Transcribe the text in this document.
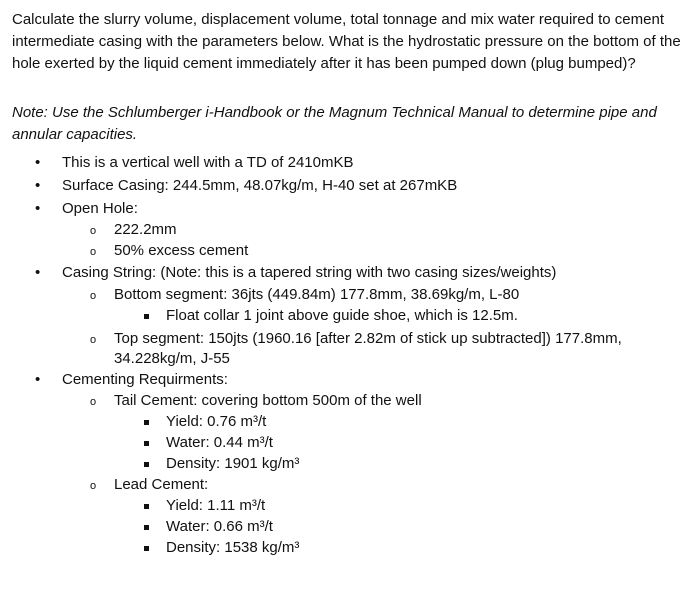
Calculate the slurry volume, displacement volume, total tonnage and mix water required to cement intermediate casing with the parameters below. What is the hydrostatic pressure on the bottom of the hole exerted by the liquid cement immediately after it has been pumped down (plug bumped)?

Note: Use the Schlumberger i-Handbook or the Magnum Technical Manual to determine pipe and annular capacities.

• This is a vertical well with a TD of 2410mKB
• Surface Casing: 244.5mm, 48.07kg/m, H-40 set at 267mKB
• Open Hole:
o 222.2mm
o 50% excess cement
• Casing String: (Note: this is a tapered string with two casing sizes/weights)
o Bottom segment: 36jts (449.84m) 177.8mm, 38.69kg/m, L-80
Float collar 1 joint above guide shoe, which is 12.5m.
o Top segment: 150jts (1960.16 [after 2.82m of stick up subtracted]) 177.8mm, 34.228kg/m, J-55
• Cementing Requirments:
o Tail Cement: covering bottom 500m of the well
Yield: 0.76 m³/t
Water: 0.44 m³/t
Density: 1901 kg/m³
o Lead Cement:
Yield: 1.11 m³/t
Water: 0.66 m³/t
Density: 1538 kg/m³
